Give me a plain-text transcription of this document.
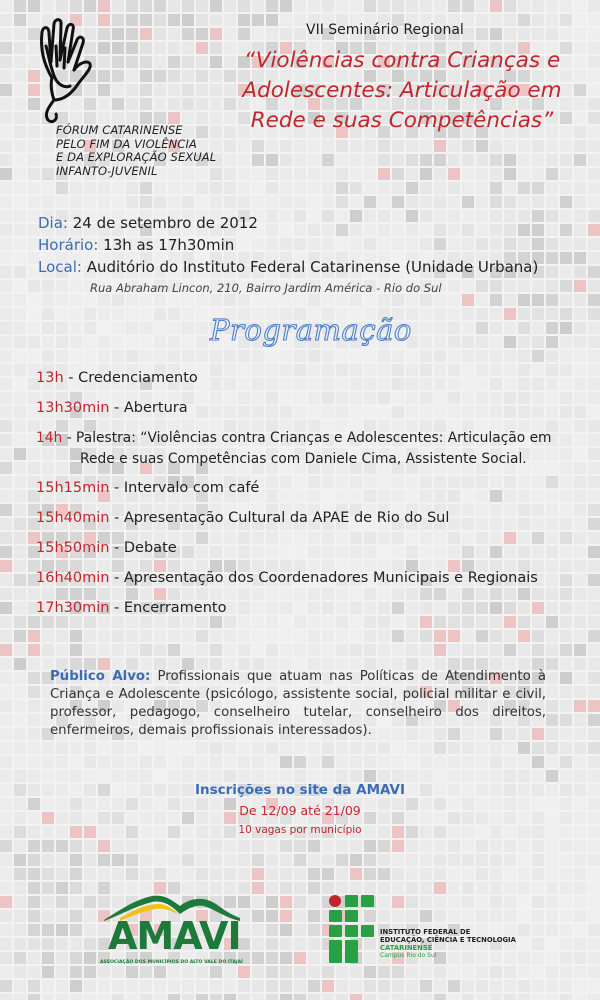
FÓRUM CATARINENSE
PELO FIM DA VIOLÊNCIA
E DA EXPLORAÇÃO SEXUAL
INFANTO-JUVENIL
VII Seminário Regional
“Violências contra Crianças e
Adolescentes: Articulação em
Rede e suas Competências”
Dia: 24 de setembro de 2012
Horário: 13h as 17h30min
Local: Auditório do Instituto Federal Catarinense (Unidade Urbana)
Rua Abraham Lincon, 210, Bairro Jardim América - Rio do Sul
Programação
13h - Credenciamento
13h30min - Abertura
14h - Palestra: “Violências contra Crianças e Adolescentes: Articulação em
Rede e suas Competências com Daniele Cima, Assistente Social.
15h15min - Intervalo com café
15h40min - Apresentação Cultural da APAE de Rio do Sul
15h50min - Debate
16h40min - Apresentação dos Coordenadores Municipais e Regionais
17h30min - Encerramento
Público Alvo: Profissionais que atuam nas Políticas de Atendimento à Criança e Adolescente (psicólogo, assistente social, policial militar e civil, professor, pedagogo, conselheiro tutelar, conselheiro dos direitos, enfermeiros, demais profissionais interessados).
Inscrições no site da AMAVI
De 12/09 até 21/09
10 vagas por município
AMAVI
ASSOCIAÇÃO DOS MUNICÍPIOS DO ALTO VALE DO ITAJAÍ
INSTITUTO FEDERAL DE
EDUCAÇÃO, CIÊNCIA E TECNOLOGIA
CATARINENSE
Campus Rio do Sul
